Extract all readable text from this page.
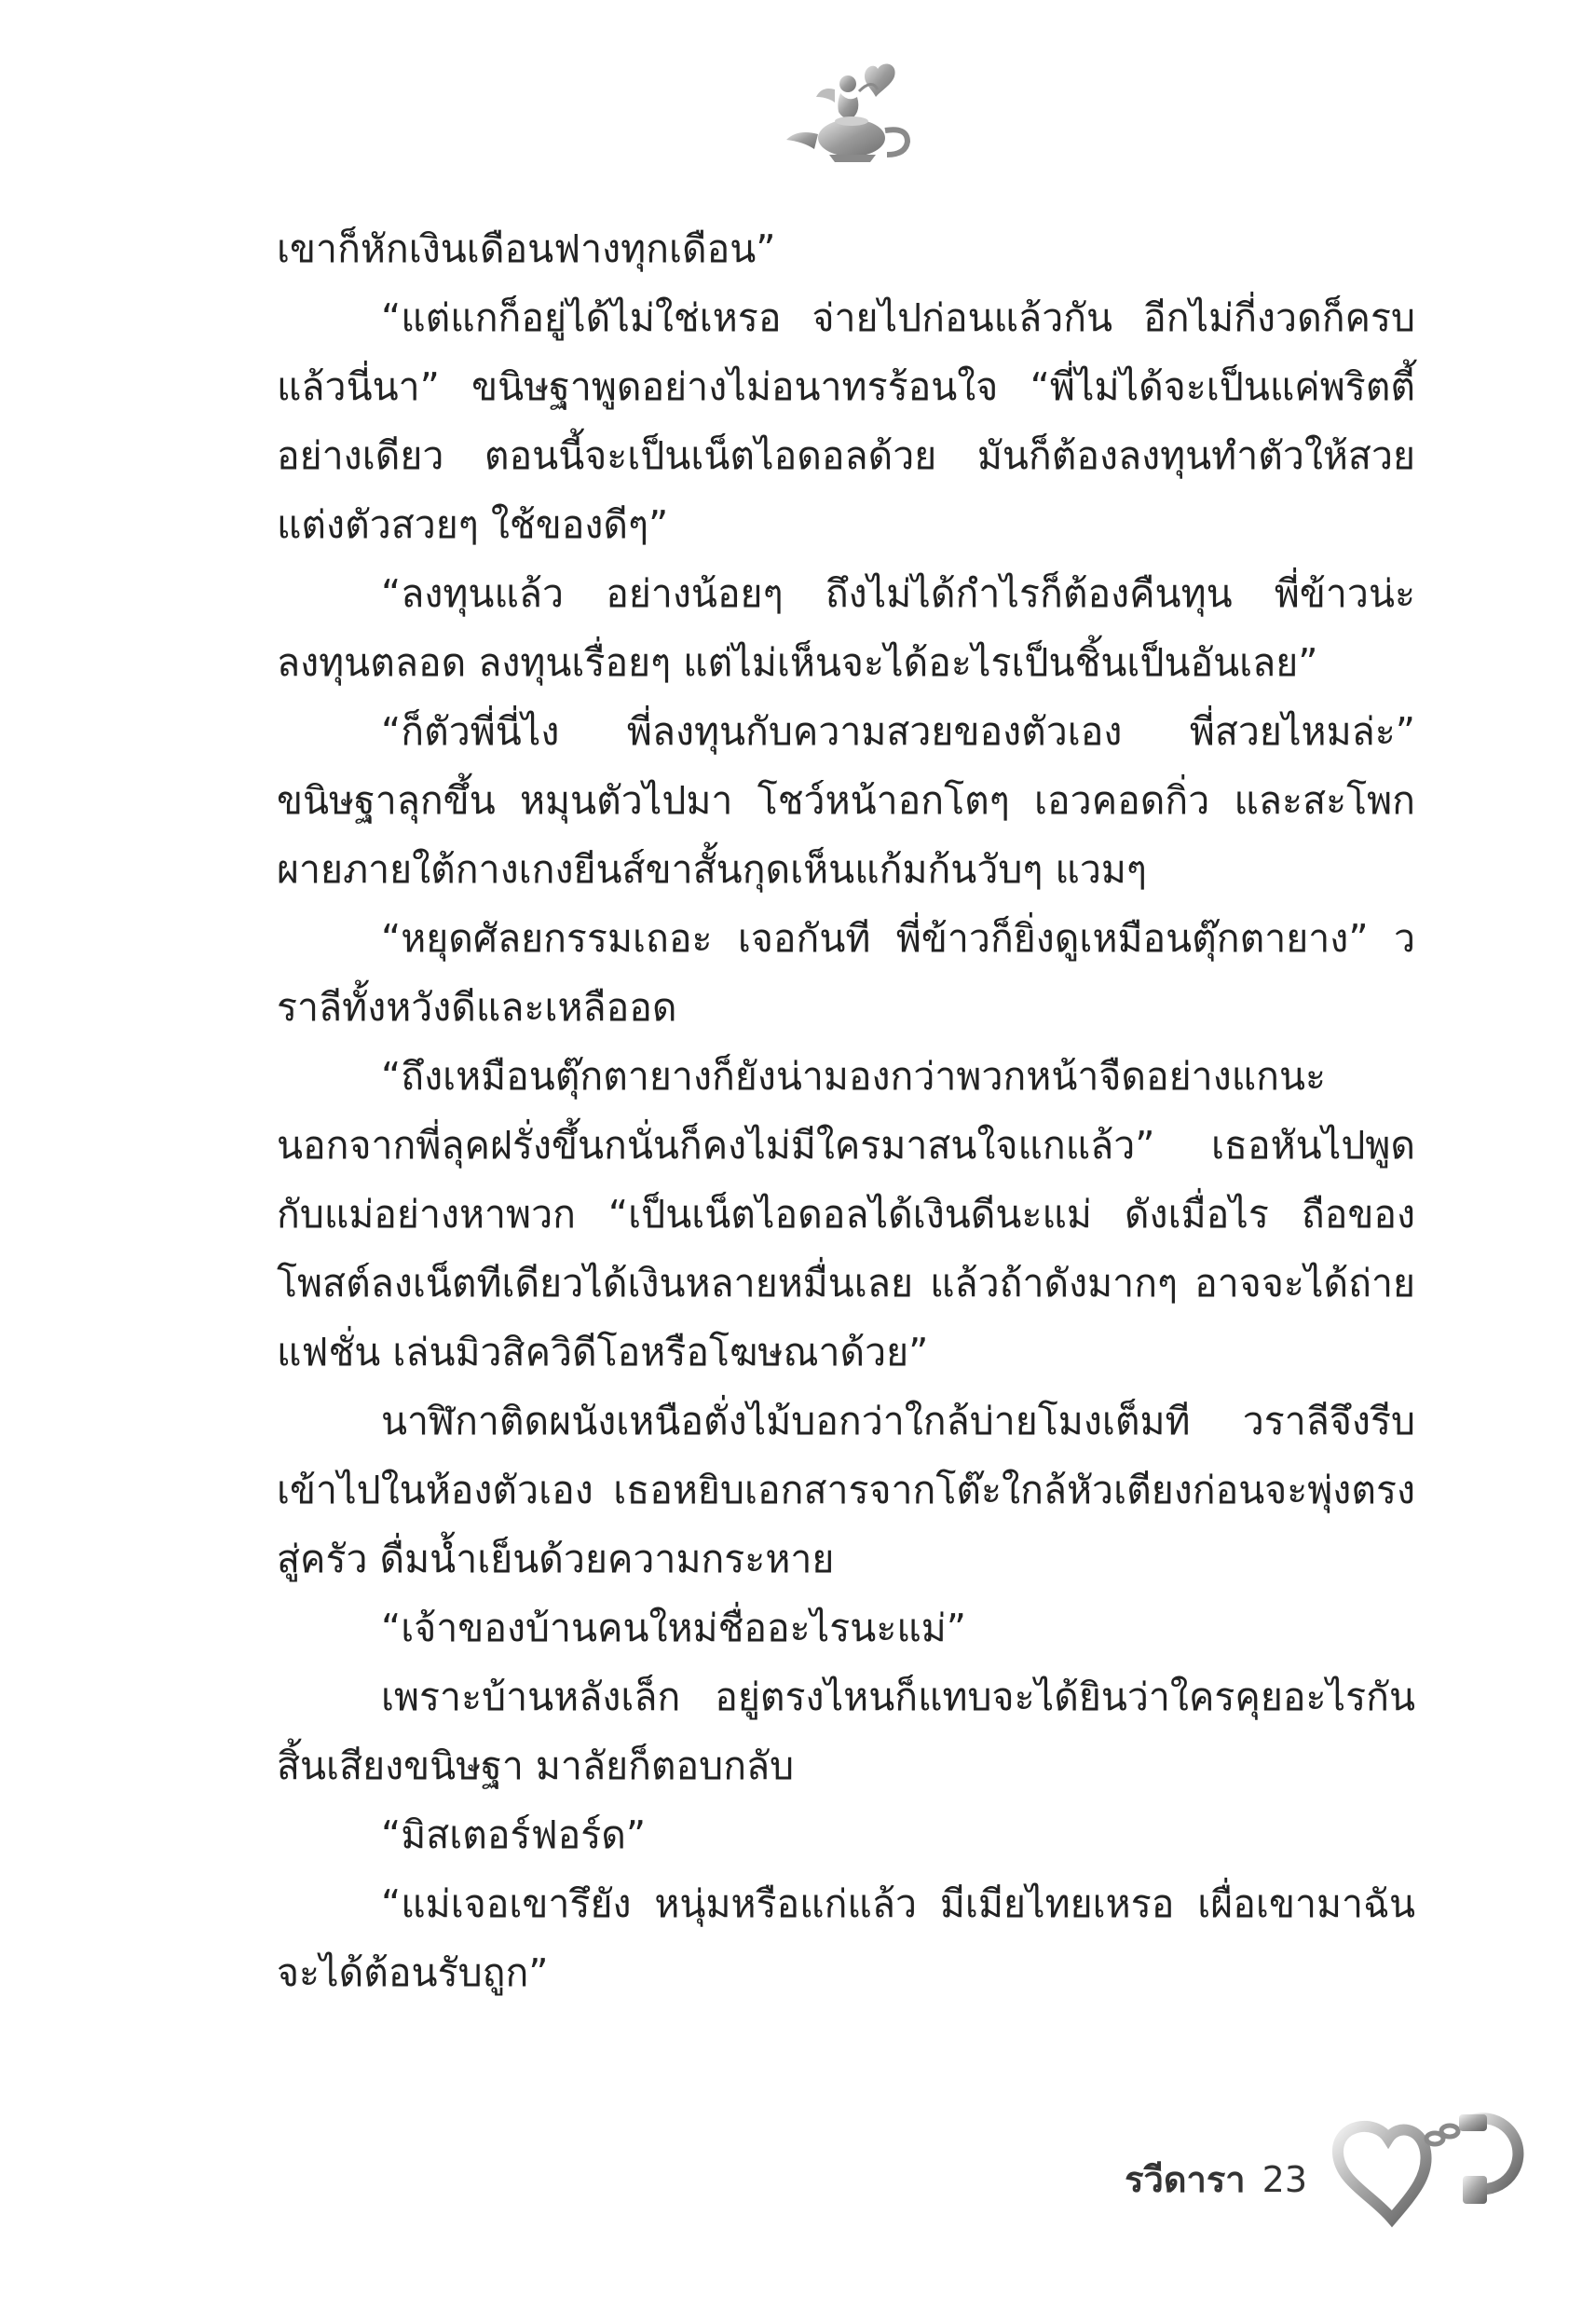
เขาก็หักเงินเดือนฟางทุกเดือน”

“แต่แกก็อยู่ได้ไม่ใช่เหรอ จ่ายไปก่อนแล้วกัน อีกไม่กี่งวดก็ครบแล้วนี่นา” ขนิษฐาพูดอย่างไม่อนาทรร้อนใจ “พี่ไม่ได้จะเป็นแค่พริตตี้อย่างเดียว ตอนนี้จะเป็นเน็ตไอดอลด้วย มันก็ต้องลงทุนทำตัวให้สวยแต่งตัวสวยๆ ใช้ของดีๆ”

“ลงทุนแล้ว อย่างน้อยๆ ถึงไม่ได้กำไรก็ต้องคืนทุน พี่ข้าวน่ะลงทุนตลอด ลงทุนเรื่อยๆ แต่ไม่เห็นจะได้อะไรเป็นชิ้นเป็นอันเลย”

“ก็ตัวพี่นี่ไง พี่ลงทุนกับความสวยของตัวเอง พี่สวยไหมล่ะ” ขนิษฐาลุกขึ้น หมุนตัวไปมา โชว์หน้าอกโตๆ เอวคอดกิ่ว และสะโพกผายภายใต้กางเกงยีนส์ขาสั้นกุดเห็นแก้มก้นวับๆ แวมๆ

“หยุดศัลยกรรมเถอะ เจอกันที พี่ข้าวก็ยิ่งดูเหมือนตุ๊กตายาง” วราลีทั้งหวังดีและเหลืออด

“ถึงเหมือนตุ๊กตายางก็ยังน่ามองกว่าพวกหน้าจืดอย่างแกนะ นอกจากพี่ลุคฝรั่งขึ้นกนั่นก็คงไม่มีใครมาสนใจแกแล้ว” เธอหันไปพูดกับแม่อย่างหาพวก “เป็นเน็ตไอดอลได้เงินดีนะแม่ ดังเมื่อไร ถือของโพสต์ลงเน็ตทีเดียวได้เงินหลายหมื่นเลย แล้วถ้าดังมากๆ อาจจะได้ถ่ายแฟชั่น เล่นมิวสิควิดีโอหรือโฆษณาด้วย”

นาฬิกาติดผนังเหนือตั่งไม้บอกว่าใกล้บ่ายโมงเต็มที วราลีจึงรีบเข้าไปในห้องตัวเอง เธอหยิบเอกสารจากโต๊ะใกล้หัวเตียงก่อนจะพุ่งตรงสู่ครัว ดื่มน้ำเย็นด้วยความกระหาย

“เจ้าของบ้านคนใหม่ชื่ออะไรนะแม่”

เพราะบ้านหลังเล็ก อยู่ตรงไหนก็แทบจะได้ยินว่าใครคุยอะไรกันสิ้นเสียงขนิษฐา มาลัยก็ตอบกลับ

“มิสเตอร์ฟอร์ด”

“แม่เจอเขารึยัง หนุ่มหรือแก่แล้ว มีเมียไทยเหรอ เผื่อเขามาฉันจะได้ต้อนรับถูก”

รวีดารา 23
